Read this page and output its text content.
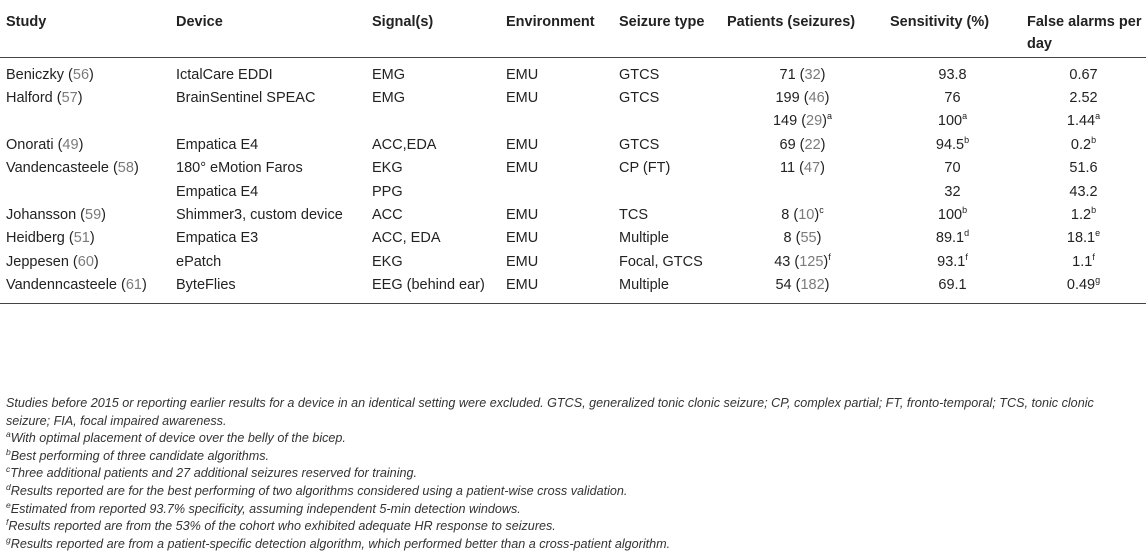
Study	Device	Signal(s)	Environment	Seizure type	Patients (seizures)	Sensitivity (%)	False alarms per day
Beniczky (56)	IctalCare EDDI	EMG	EMU	GTCS	71 (32)	93.8	0.67
Halford (57)	BrainSentinel SPEAC	EMG	EMU	GTCS	199 (46)	76	2.52
					149 $(29)^a$	100$^a$	1.44$^a$
Onorati (49)	Empatica E4	ACC,EDA	EMU	GTCS	69 (22)	94.5$^b$	0.2$^b$
Vandencasteele (58)	180° eMotion Faros	EKG	EMU	CP (FT)	11 (47)	70	51.6
	Empatica E4	PPG				32	43.2
Johansson (59)	Shimmer3, custom device	ACC	EMU	TCS	8 $(10)^c$	100$^b$	1.2$^b$
Heidberg (51)	Empatica E3	ACC, EDA	EMU	Multiple	8 (55)	89.1$^d$	18.1e
Jeppesen (60)	ePatch	EKG	EMU	Focal, GTCS	43 $(125)^f$	93.1$^f$	1.1$^f$
Vandenncasteele (61)	ByteFlies	EEG (behind ear)	EMU	Multiple	54 (182)	69.1	0.49$^g$

Studies before 2015 or reporting earlier results for a device in an identical setting were excluded. GTCS, generalized tonic clonic seizure; CP, complex partial; FT, fronto-temporal; TCS, tonic clonic seizure; FIA, focal impaired awareness.

$^a$With optimal placement of device over the belly of the bicep.

$^b$Best performing of three candidate algorithms.

$^c$Three additional patients and 27 additional seizures reserved for training.

$^d$Results reported are for the best performing of two algorithms considered using a patient-wise cross validation.

$^e$Estimated from reported 93.7% specificity, assuming independent 5-min detection windows.

$^f$Results reported are from the 53% of the cohort who exhibited adequate HR response to seizures.

$^g$Results reported are from a patient-specific detection algorithm, which performed better than a cross-patient algorithm.
